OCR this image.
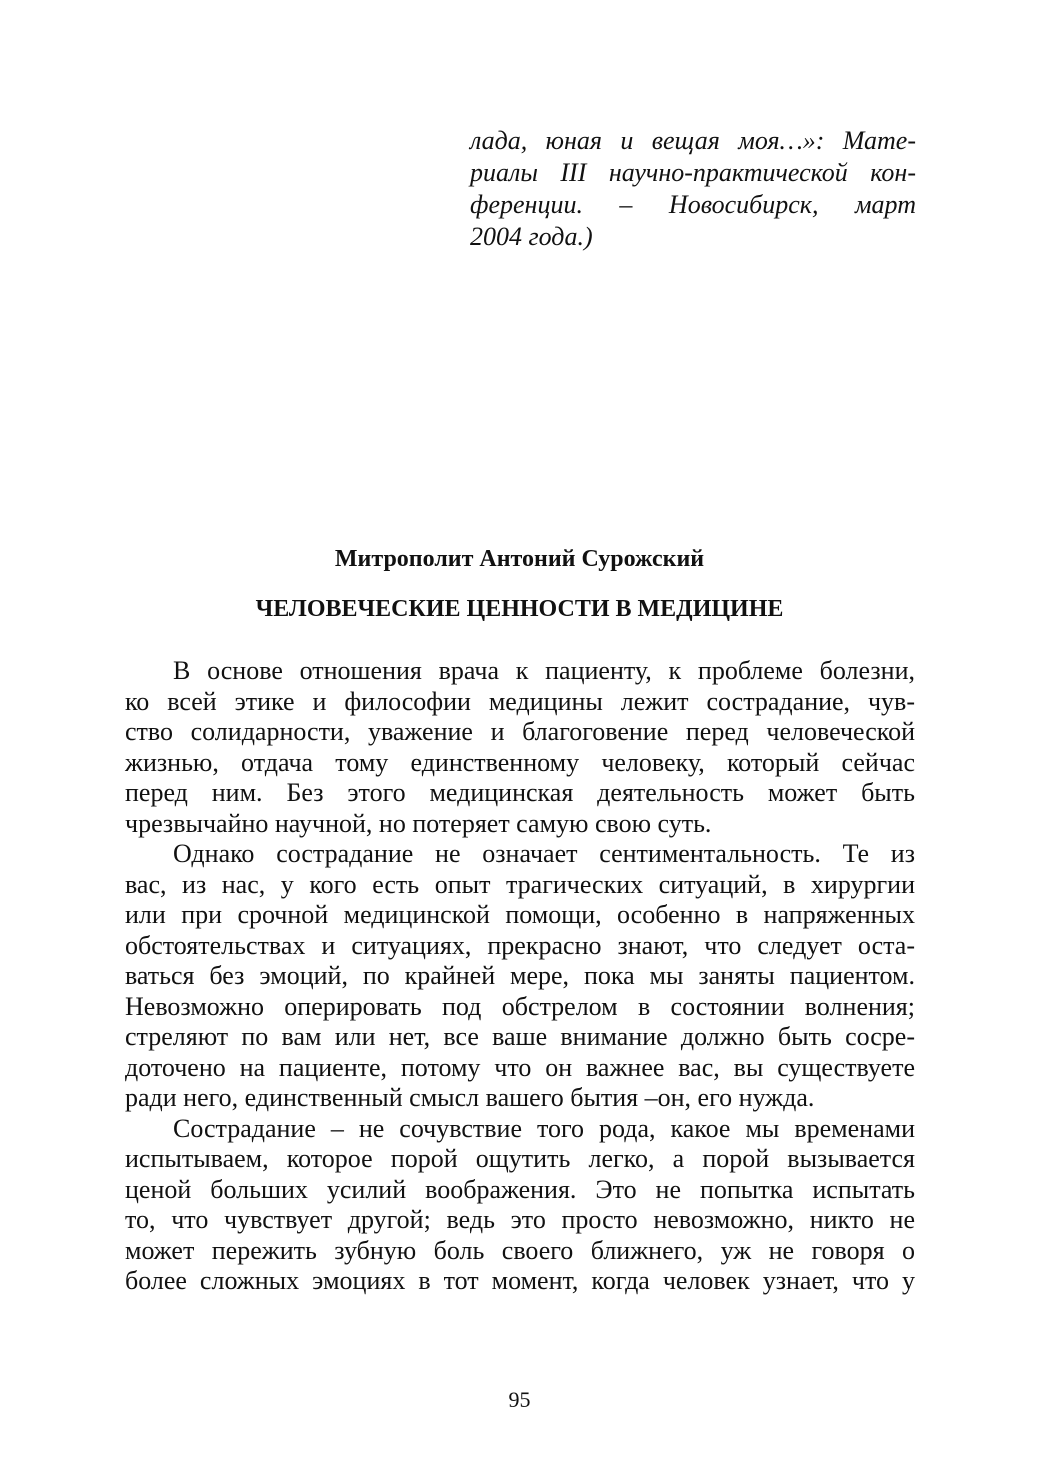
лада, юная и вещая моя…»: Мате-
риалы III научно-практической кон-
ференции. – Новосибирск, март
2004 года.)
Митрополит Антоний Сурожский
ЧЕЛОВЕЧЕСКИЕ ЦЕННОСТИ В МЕДИЦИНЕ
В основе отношения врача к пациенту, к проблеме болезни,
ко всей этике и философии медицины лежит сострадание, чув-
ство солидарности, уважение и благоговение перед человеческой
жизнью, отдача тому единственному человеку, который сейчас
перед ним. Без этого медицинская деятельность может быть
чрезвычайно научной, но потеряет самую свою суть.
Однако сострадание не означает сентиментальность. Те из
вас, из нас, у кого есть опыт трагических ситуаций, в хирургии
или при срочной медицинской помощи, особенно в напряженных
обстоятельствах и ситуациях, прекрасно знают, что следует оста-
ваться без эмоций, по крайней мере, пока мы заняты пациентом.
Невозможно оперировать под обстрелом в состоянии волнения;
стреляют по вам или нет, все ваше внимание должно быть сосре-
доточено на пациенте, потому что он важнее вас, вы существуете
ради него, единственный смысл вашего бытия –он, его нужда.
Сострадание – не сочувствие того рода, какое мы временами
испытываем, которое порой ощутить легко, а порой вызывается
ценой больших усилий воображения. Это не попытка испытать
то, что чувствует другой; ведь это просто невозможно, никто не
может пережить зубную боль своего ближнего, уж не говоря о
более сложных эмоциях в тот момент, когда человек узнает, что у
95
